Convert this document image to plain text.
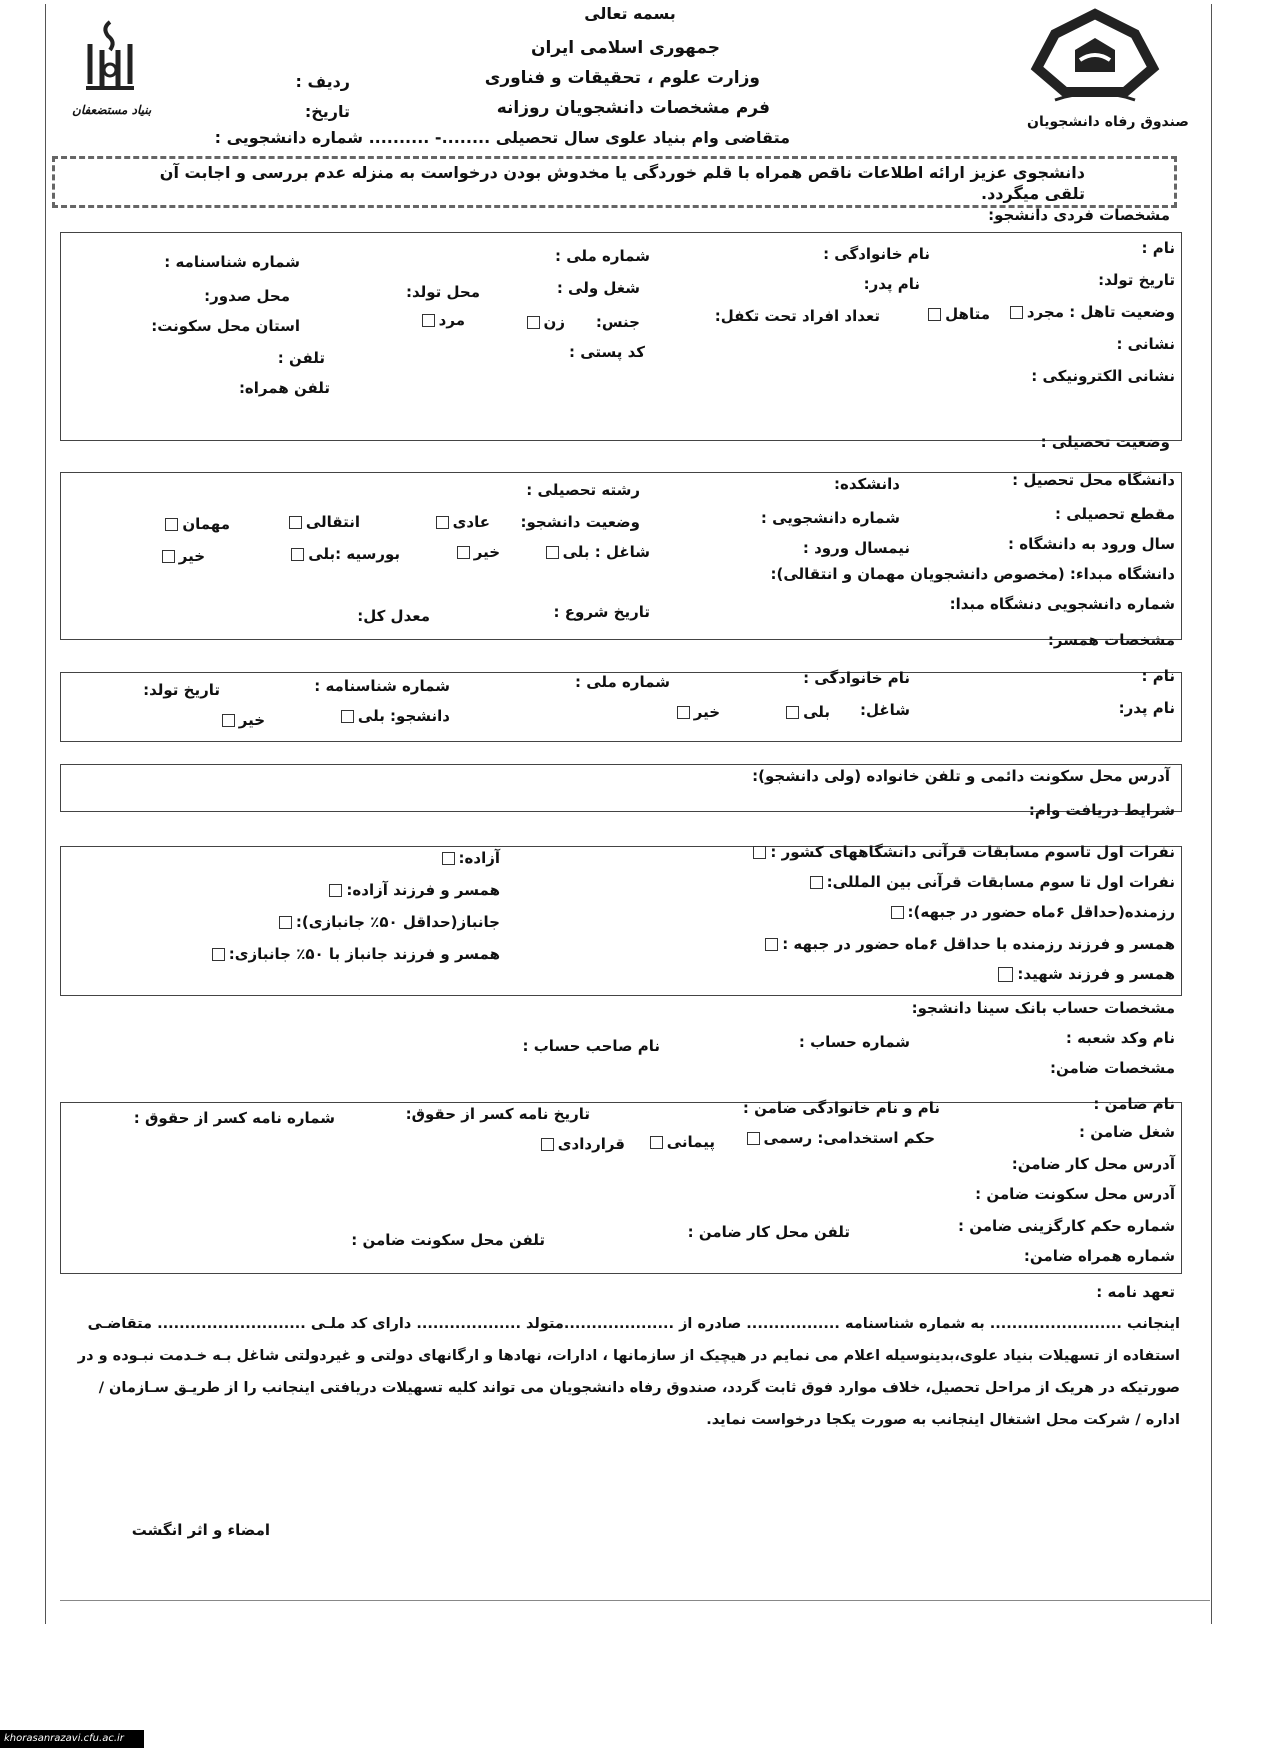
بنیاد مستضعفان
صندوق رفاه دانشجویان
بسمه تعالی
جمهوری اسلامی ایران
وزارت علوم ، تحقیقات و فناوری
فرم مشخصات دانشجویان روزانه
متقاضی وام بنیاد علوی سال تحصیلی ........- .......... شماره دانشجویی :
ردیف :
تاریخ:
دانشجوی عزیز ارائه اطلاعات ناقص همراه با قلم خوردگی یا مخدوش بودن درخواست به منزله عدم بررسی و اجابت آن تلقی میگردد.
مشخصات فردی دانشجو:
نام :
نام خانوادگی :
شماره ملی :
شماره شناسنامه :
تاریخ تولد:
نام پدر:
شغل ولی :
محل تولد:
محل صدور:
وضعیت تاهل : مجرد
متاهل
تعداد افراد تحت تکفل:
جنس:
زن
مرد
استان محل سکونت:
نشانی :
کد پستی :
تلفن :
نشانی الکترونیکی :
تلفن همراه:
وضعیت تحصیلی :
دانشگاه محل تحصیل :
دانشکده:
رشته تحصیلی :
مقطع تحصیلی :
شماره دانشجویی :
وضعیت دانشجو:
عادی
انتقالی
مهمان
سال ورود به دانشگاه :
نیمسال ورود :
شاغل : بلی
خیر
بورسیه :بلی
خیر
دانشگاه مبداء: (مخصوص دانشجویان مهمان و انتقالی):
شماره دانشجویی دنشگاه مبدا:
تاریخ شروع :
معدل کل:
مشخصات همسر:
نام :
نام خانوادگی :
شماره ملی :
شماره شناسنامه :
تاریخ تولد:
نام پدر:
شاغل:
بلی
خیر
دانشجو: بلی
خیر
آدرس محل سکونت دائمی و تلفن خانواده (ولی دانشجو):
شرایط دریافت وام:
نفرات اول تاسوم مسابقات قرآنی دانشگاههای کشور :
نفرات اول تا سوم مسابقات قرآنی بین المللی:
رزمنده(حداقل ۶ماه حضور در جبهه):
همسر و فرزند رزمنده با حداقل ۶ماه حضور در جبهه :
همسر و فرزند شهید:
آزاده:
همسر و فرزند آزاده:
جانباز(حداقل ۵۰٪ جانبازی):
همسر و فرزند جانباز با ۵۰٪ جانبازی:
مشخصات حساب بانک سینا دانشجو:
نام وکد شعبه :
شماره حساب :
نام صاحب حساب :
مشخصات ضامن:
نام ضامن :
نام و نام خانوادگی ضامن :
تاریخ نامه کسر از حقوق:
شماره نامه کسر از حقوق :
شغل ضامن :
حکم استخدامی: رسمی
پیمانی
قراردادی
آدرس محل کار ضامن:
آدرس محل سکونت ضامن :
شماره حکم کارگزینی ضامن :
تلفن محل کار ضامن :
تلفن محل سکونت ضامن :
شماره همراه ضامن:
تعهد نامه :
اینجانب ........................ به شماره شناسنامه ................. صادره از ....................متولد ................... دارای کد ملـی ........................... متقاضـی
استفاده از تسهیلات بنیاد علوی،بدینوسیله اعلام می نمایم در هیچیک از سازمانها ، ادارات، نهادها و ارگانهای دولتی و غیردولتی شاغل بـه خـدمت نبـوده و در
صورتیکه در هریک از مراحل تحصیل، خلاف موارد فوق ثابت گردد، صندوق رفاه دانشجویان می تواند کلیه تسهیلات دریافتی اینجانب را از طریـق سـازمان /
اداره / شرکت محل اشتغال اینجانب به صورت یکجا درخواست نماید.
امضاء و اثر انگشت
khorasanrazavi.cfu.ac.ir
